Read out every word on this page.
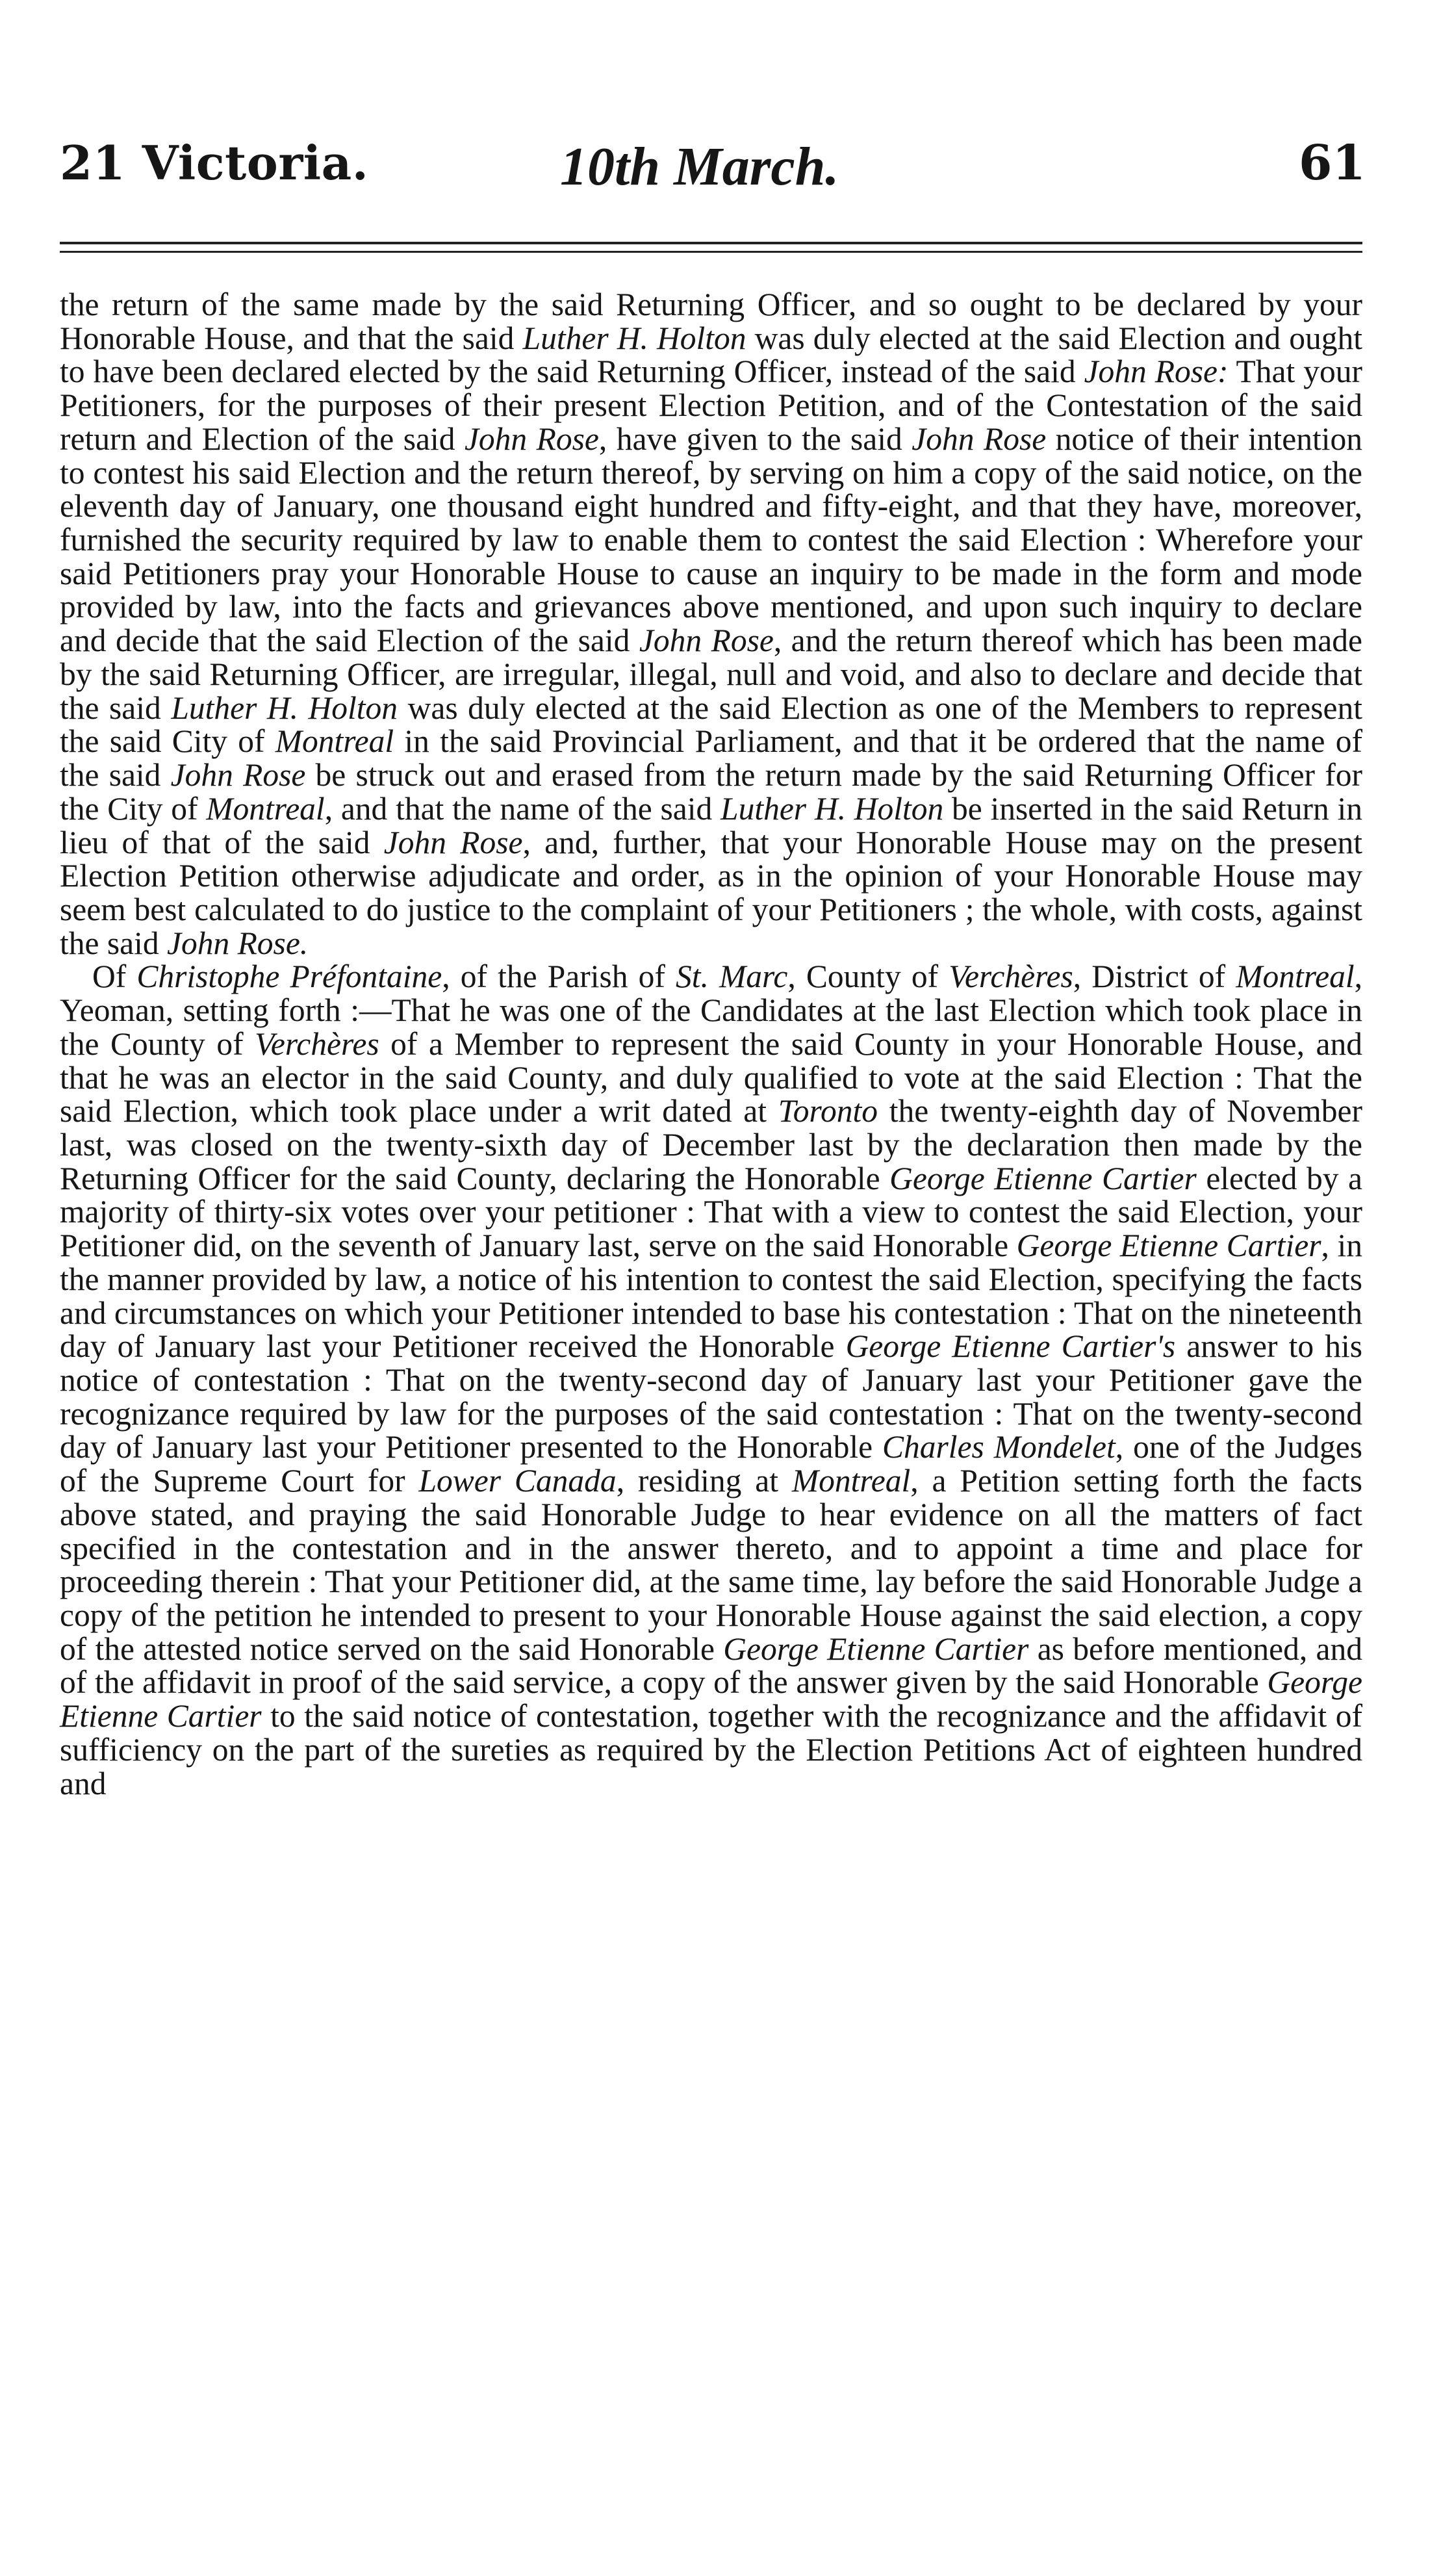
21 Victoria.	10th March.	61

the return of the same made by the said Returning Officer, and so ought to be declared by your Honorable House, and that the said Luther H. Holton was duly elected at the said Election and ought to have been declared elected by the said Returning Officer, instead of the said John Rose: That your Petitioners, for the purposes of their present Election Petition, and of the Contestation of the said return and Election of the said John Rose, have given to the said John Rose notice of their intention to contest his said Election and the return thereof, by serving on him a copy of the said notice, on the eleventh day of January, one thousand eight hundred and fifty-eight, and that they have, moreover, furnished the security required by law to enable them to contest the said Election : Wherefore your said Petitioners pray your Honorable House to cause an inquiry to be made in the form and mode provided by law, into the facts and grievances above mentioned, and upon such inquiry to declare and decide that the said Election of the said John Rose, and the return thereof which has been made by the said Returning Officer, are irregular, illegal, null and void, and also to declare and decide that the said Luther H. Holton was duly elected at the said Election as one of the Members to represent the said City of Montreal in the said Provincial Parliament, and that it be ordered that the name of the said John Rose be struck out and erased from the return made by the said Returning Officer for the City of Montreal, and that the name of the said Luther H. Holton be inserted in the said Return in lieu of that of the said John Rose, and, further, that your Honorable House may on the present Election Petition otherwise adjudicate and order, as in the opinion of your Honorable House may seem best calculated to do justice to the complaint of your Petitioners ; the whole, with costs, against the said John Rose.

Of Christophe Préfontaine, of the Parish of St. Marc, County of Verchères, District of Montreal, Yeoman, setting forth :—That he was one of the Candidates at the last Election which took place in the County of Verchères of a Member to represent the said County in your Honorable House, and that he was an elector in the said County, and duly qualified to vote at the said Election : That the said Election, which took place under a writ dated at Toronto the twenty-eighth day of November last, was closed on the twenty-sixth day of December last by the declaration then made by the Returning Officer for the said County, declaring the Honorable George Etienne Cartier elected by a majority of thirty-six votes over your petitioner : That with a view to contest the said Election, your Petitioner did, on the seventh of January last, serve on the said Honorable George Etienne Cartier, in the manner provided by law, a notice of his intention to contest the said Election, specifying the facts and circumstances on which your Petitioner intended to base his contestation : That on the nineteenth day of January last your Petitioner received the Honorable George Etienne Cartier's answer to his notice of contestation : That on the twenty-second day of January last your Petitioner gave the recognizance required by law for the purposes of the said contestation : That on the twenty-second day of January last your Petitioner presented to the Honorable Charles Mondelet, one of the Judges of the Supreme Court for Lower Canada, residing at Montreal, a Petition setting forth the facts above stated, and praying the said Honorable Judge to hear evidence on all the matters of fact specified in the contestation and in the answer thereto, and to appoint a time and place for proceeding therein : That your Petitioner did, at the same time, lay before the said Honorable Judge a copy of the petition he intended to present to your Honorable House against the said election, a copy of the attested notice served on the said Honorable George Etienne Cartier as before mentioned, and of the affidavit in proof of the said service, a copy of the answer given by the said Honorable George Etienne Cartier to the said notice of contestation, together with the recognizance and the affidavit of sufficiency on the part of the sureties as required by the Election Petitions Act of eighteen hundred and
